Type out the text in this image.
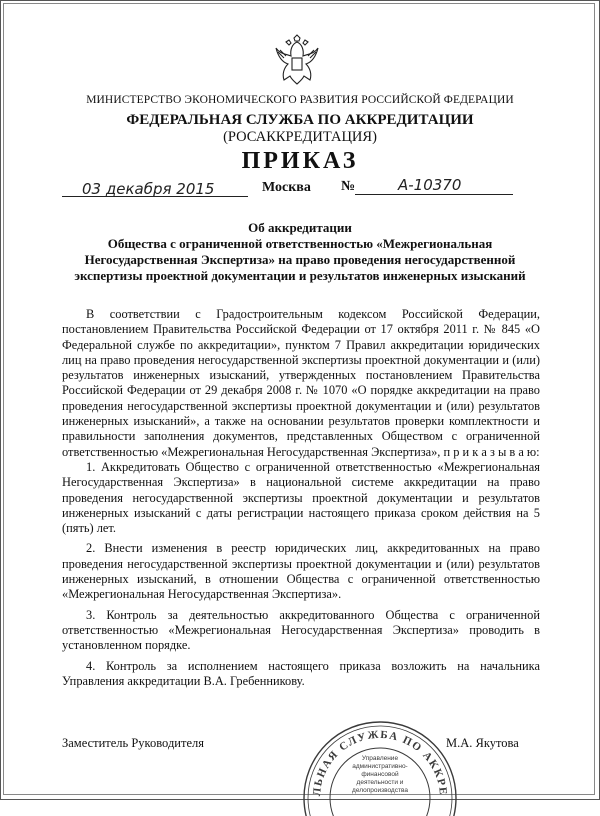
МИНИСТЕРСТВО ЭКОНОМИЧЕСКОГО РАЗВИТИЯ РОССИЙСКОЙ ФЕДЕРАЦИИ
ФЕДЕРАЛЬНАЯ СЛУЖБА ПО АККРЕДИТАЦИИ
(РОСАККРЕДИТАЦИЯ)
ПРИКАЗ
03 декабря 2015	Москва №	А-10370
Об аккредитации
Общества с ограниченной ответственностью «Межрегиональная
Негосударственная Экспертиза» на право проведения негосударственной
экспертизы проектной документации и результатов инженерных изысканий

В соответствии с Градостроительным кодексом Российской Федерации, постановлением Правительства Российской Федерации от 17 октября 2011 г. № 845 «О Федеральной службе по аккредитации», пунктом 7 Правил аккредитации юридических лиц на право проведения негосударственной экспертизы проектной документации и (или) результатов инженерных изысканий, утвержденных постановлением Правительства Российской Федерации от 29 декабря 2008 г. № 1070 «О порядке аккредитации на право проведения негосударственной экспертизы проектной документации и (или) результатов инженерных изысканий», а также на основании результатов проверки комплектности и правильности заполнения документов, представленных Обществом с ограниченной ответственностью «Межрегиональная Негосударственная Экспертиза», п р и к а з ы в а ю:

1. Аккредитовать Общество с ограниченной ответственностью «Межрегиональная Негосударственная Экспертиза» в национальной системе аккредитации на право проведения негосударственной экспертизы проектной документации и результатов инженерных изысканий с даты регистрации настоящего приказа сроком действия на 5 (пять) лет.

2. Внести изменения в реестр юридических лиц, аккредитованных на право проведения негосударственной экспертизы проектной документации и (или) результатов инженерных изысканий, в отношении Общества с ограниченной ответственностью «Межрегиональная Негосударственная Экспертиза».

3. Контроль за деятельностью аккредитованного Общества с ограниченной ответственностью «Межрегиональная Негосударственная Экспертиза» проводить в установленном порядке.

4. Контроль за исполнением настоящего приказа возложить на начальника Управления аккредитации В.А. Гребенникову.

Заместитель Руководителя	М.А. Якутова
ЛЬНАЯ СЛУЖБА ПО АККРЕ
Управление
административно-
финансовой
деятельности и
делопроизводства
